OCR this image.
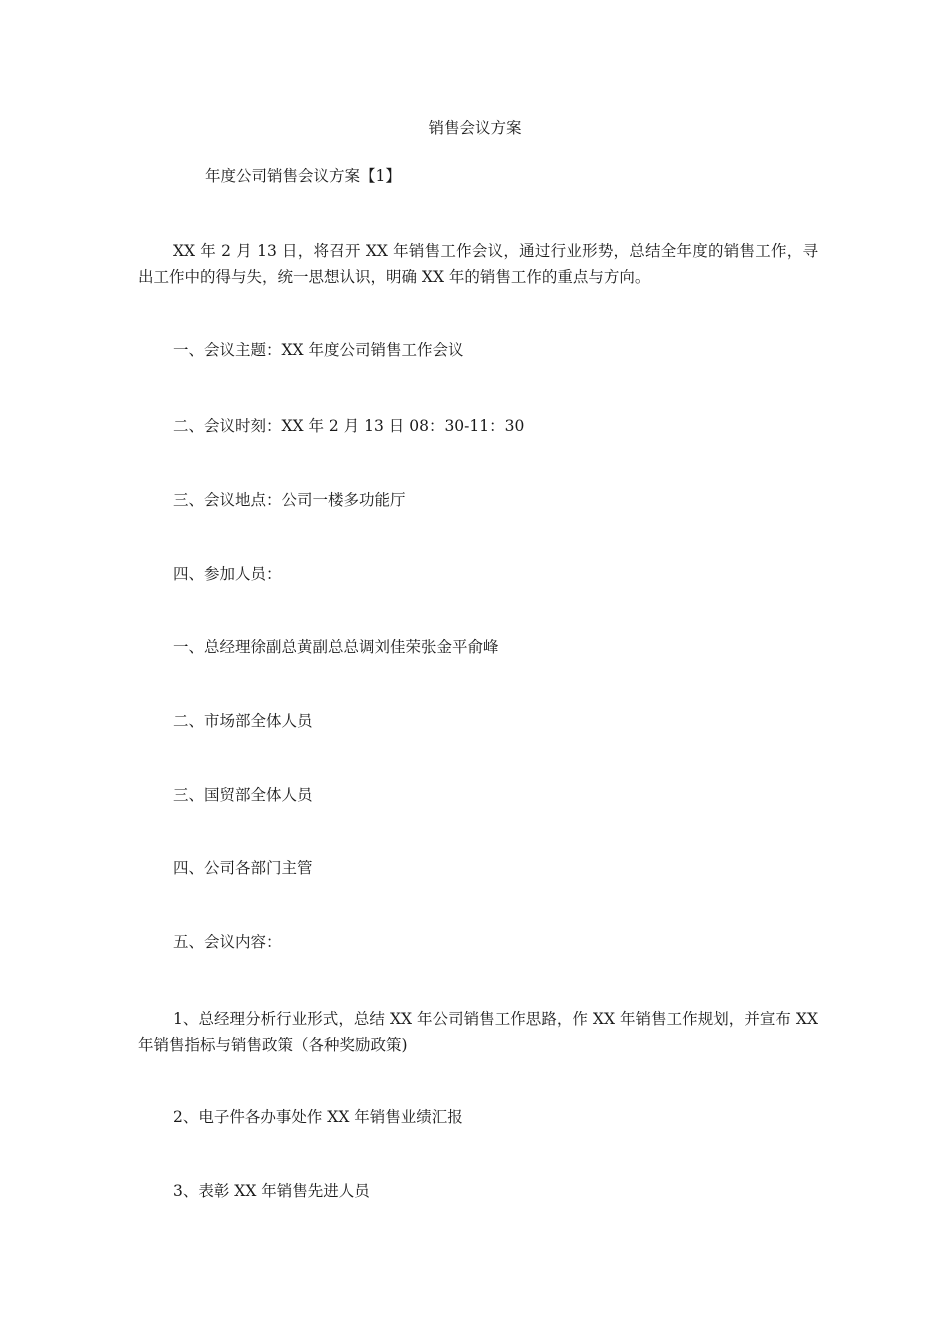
销售会议方案
年度公司销售会议方案【1】
XX 年 2 月 13 日，将召开 XX 年销售工作会议，通过行业形势，总结全年度的销售工作，寻出工作中的得与失，统一思想认识，明确 XX 年的销售工作的重点与方向。
一、会议主题：XX 年度公司销售工作会议
二、会议时刻：XX 年 2 月 13 日 08：30-11：30
三、会议地点：公司一楼多功能厅
四、参加人员：
一、总经理徐副总黄副总总调刘佳荣张金平俞峰
二、市场部全体人员
三、国贸部全体人员
四、公司各部门主管
五、会议内容：
1、总经理分析行业形式，总结 XX 年公司销售工作思路，作 XX 年销售工作规划，并宣布 XX 年销售指标与销售政策（各种奖励政策)
2、电子件各办事处作 XX 年销售业绩汇报
3、表彰 XX 年销售先进人员
